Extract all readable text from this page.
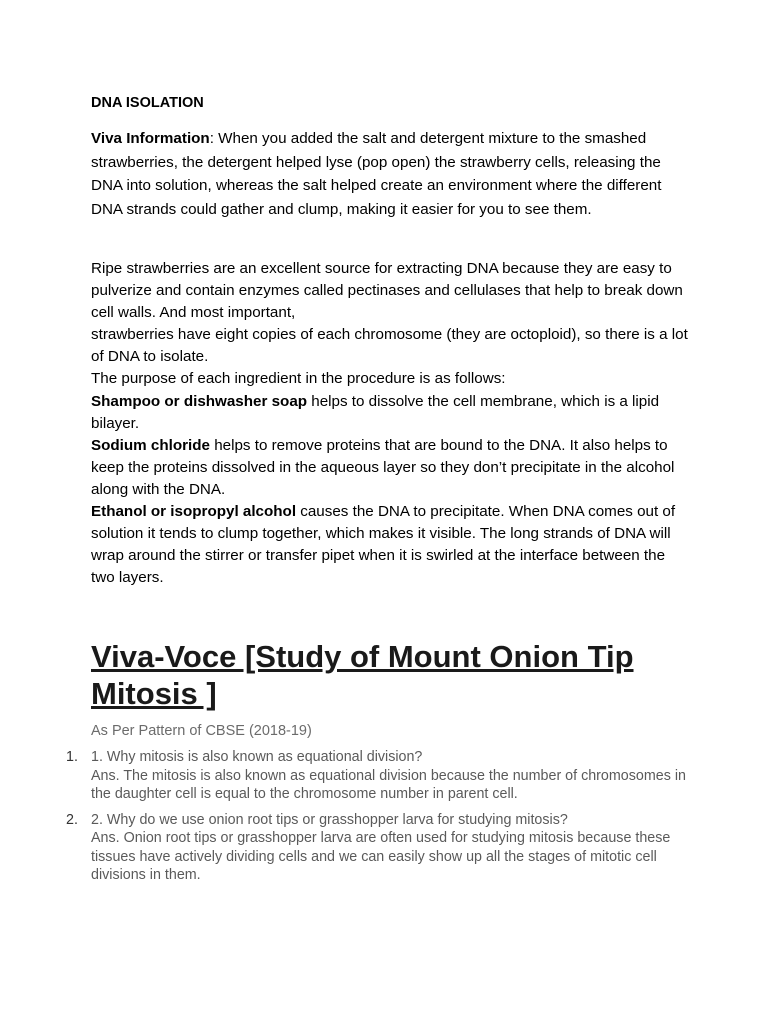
DNA ISOLATION

Viva Information: When you added the salt and detergent mixture to the smashed strawberries, the detergent helped lyse (pop open) the strawberry cells, releasing the DNA into solution, whereas the salt helped create an environment where the different DNA strands could gather and clump, making it easier for you to see them.

Ripe strawberries are an excellent source for extracting DNA because they are easy to pulverize and contain enzymes called pectinases and cellulases that help to break down cell walls. And most important,
strawberries have eight copies of each chromosome (they are octoploid), so there is a lot of DNA to isolate.
The purpose of each ingredient in the procedure is as follows:
Shampoo or dishwasher soap helps to dissolve the cell membrane, which is a lipid bilayer.
Sodium chloride helps to remove proteins that are bound to the DNA. It also helps to keep the proteins dissolved in the aqueous layer so they don’t precipitate in the alcohol along with the DNA.
Ethanol or isopropyl alcohol causes the DNA to precipitate. When DNA comes out of solution it tends to clump together, which makes it visible. The long strands of DNA will wrap around the stirrer or transfer pipet when it is swirled at the interface between the two layers.
Viva-Voce [Study of Mount Onion Tip Mitosis ]

As Per Pattern of CBSE (2018-19)

1. 1. Why mitosis is also known as equational division?
Ans. The mitosis is also known as equational division because the number of chromosomes in the daughter cell is equal to the chromosome number in parent cell.
2. 2. Why do we use onion root tips or grasshopper larva for studying mitosis?
Ans. Onion root tips or grasshopper larva are often used for studying mitosis because these tissues have actively dividing cells and we can easily show up all the stages of mitotic cell divisions in them.
